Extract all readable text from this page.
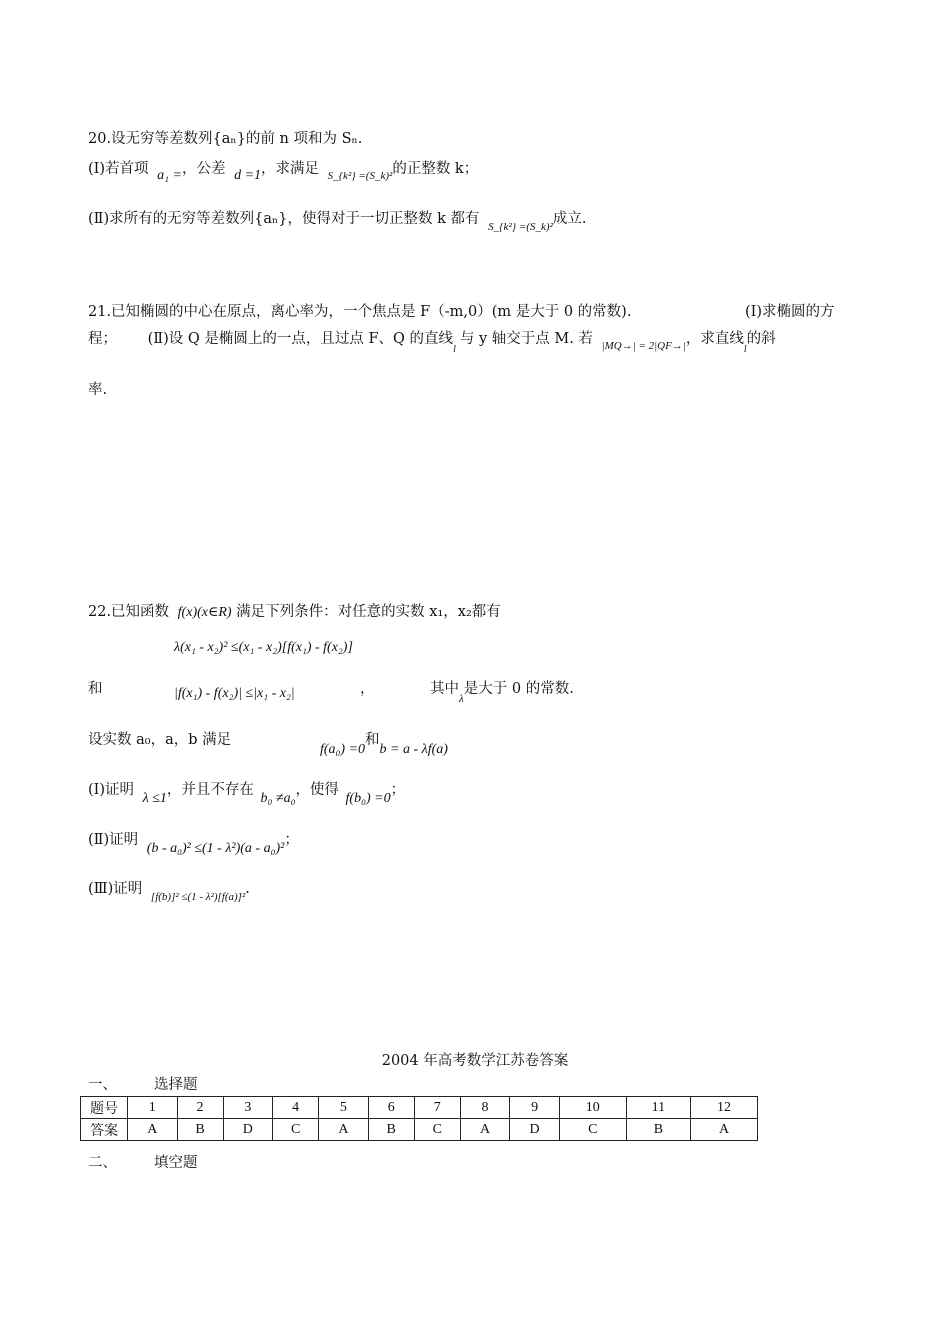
20.设无穷等差数列{aₙ}的前 n 项和为 Sₙ.
(Ⅰ)若首项 a₁ =，公差 d =1，求满足 $_{S\_\{k^2\} =(S\_k)^2}$的正整数 k；
(Ⅱ)求所有的无穷等差数列{aₙ}，使得对于一切正整数 k 都有 $_{S\_\{k^2\} =(S\_k)^2}$成立.
21.已知椭圆的中心在原点，离心率为，一个焦点是 F（-m,0）(m 是大于 0 的常数).	(Ⅰ)求椭圆的方
程； (Ⅱ)设 Q 是椭圆上的一点，且过点 F、Q 的直线$_l$与 y 轴交于点 M. 若 $_{|MQ\to| = 2|QF\to|}$，求直线$_l$的斜
率.
22.已知函数 f(x)(x∈R) 满足下列条件：对任意的实数 x₁，x₂都有
λ(x₁ - x₂)² ≤(x₁ - x₂)[f(x₁) - f(x₂)]
和	|f(x₁) - f(x₂)| ≤|x₁ - x₂|	，	其中$_\lambda$是大于 0 的常数.
设实数 a₀，a，b 满足
f(a₀) =0和b = a - λf(a)
(Ⅰ)证明 λ ≤1，并且不存在 b₀ ≠a₀，使得 f(b₀) =0；
(Ⅱ)证明 (b - a₀)² ≤(1 - λ²)(a - a₀)²；
(Ⅲ)证明 $_{[f(b)]^2 \le(1 - \lambda^2)[f(a)]^2}$.
2004 年高考数学江苏卷答案
一、	选择题
题号	1	2	3	4	5	6	7	8	9	10	11	12
答案	A	B	D	C	A	B	C	A	D	C	B	A
二、	填空题
